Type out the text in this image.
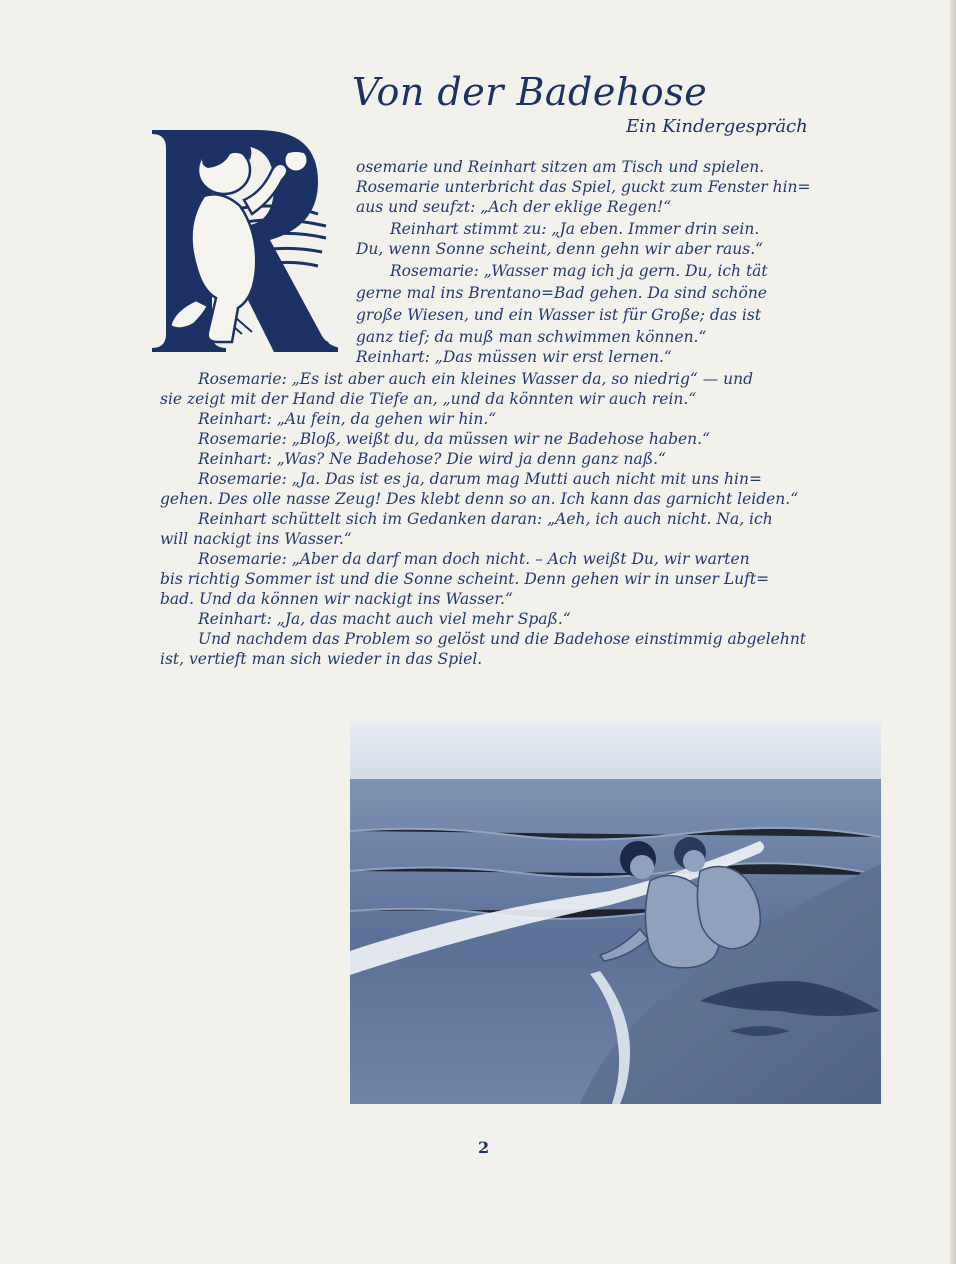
Von der Badehose
Ein Kindergespräch
osemarie und Reinhart sitzen am Tisch und spielen.
Rosemarie unterbricht das Spiel, guckt zum Fenster hin=
aus und seufzt: „Ach der eklige Regen!“
Reinhart stimmt zu: „Ja eben. Immer drin sein.
Du, wenn Sonne scheint, denn gehn wir aber raus.“
Rosemarie: „Wasser mag ich ja gern. Du, ich tät
gerne mal ins Brentano=Bad gehen. Da sind schöne
große Wiesen, und ein Wasser ist für Große; das ist
ganz tief; da muß man schwimmen können.“
Reinhart: „Das müssen wir erst lernen.“
Rosemarie: „Es ist aber auch ein kleines Wasser da, so niedrig“ — und
sie zeigt mit der Hand die Tiefe an, „und da könnten wir auch rein.“
Reinhart: „Au fein, da gehen wir hin.“
Rosemarie: „Bloß, weißt du, da müssen wir ne Badehose haben.“
Reinhart: „Was? Ne Badehose? Die wird ja denn ganz naß.“
Rosemarie: „Ja. Das ist es ja, darum mag Mutti auch nicht mit uns hin=
gehen. Des olle nasse Zeug! Des klebt denn so an. Ich kann das garnicht leiden.“
Reinhart schüttelt sich im Gedanken daran: „Aeh, ich auch nicht. Na, ich
will nackigt ins Wasser.“
Rosemarie: „Aber da darf man doch nicht. – Ach weißt Du, wir warten
bis richtig Sommer ist und die Sonne scheint. Denn gehen wir in unser Luft=
bad. Und da können wir nackigt ins Wasser.“
Reinhart: „Ja, das macht auch viel mehr Spaß.“
Und nachdem das Problem so gelöst und die Badehose einstimmig abgelehnt
ist, vertieft man sich wieder in das Spiel.
2
